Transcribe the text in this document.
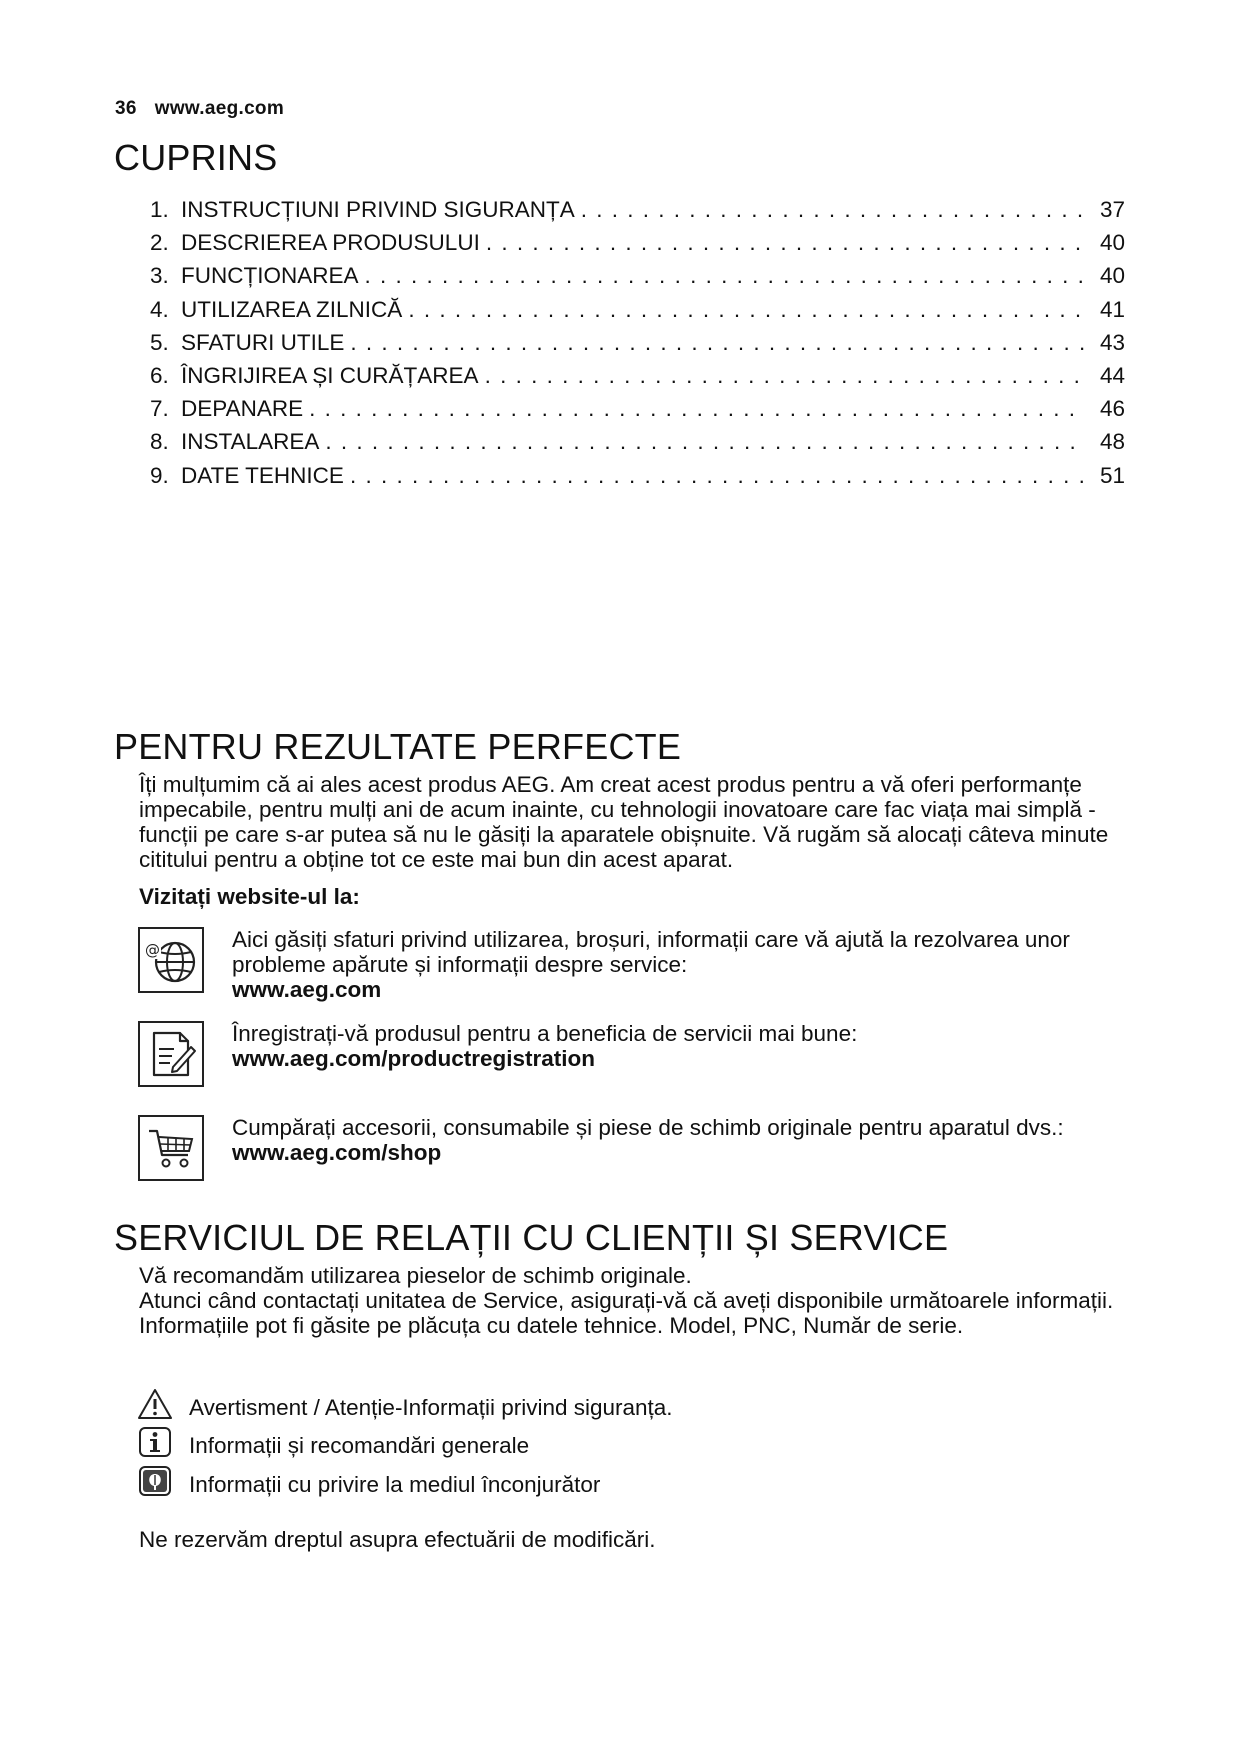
36 www.aeg.com
CUPRINS
1. INSTRUCȚIUNI PRIVIND SIGURANȚA . . .	37
2. DESCRIEREA PRODUSULUI . . .	40
3. FUNCȚIONAREA . . .	40
4. UTILIZAREA ZILNICĂ . . .	41
5. SFATURI UTILE . . .	43
6. ÎNGRIJIREA ȘI CURĂȚAREA . . .	44
7. DEPANARE . . .	46
8. INSTALAREA . . .	48
9. DATE TEHNICE . . .	51
PENTRU REZULTATE PERFECTE

Îți mulțumim că ai ales acest produs AEG. Am creat acest produs pentru a vă oferi performanțe impecabile, pentru mulți ani de acum inainte, cu tehnologii inovatoare care fac viața mai simplă - funcții pe care s-ar putea să nu le găsiți la aparatele obișnuite. Vă rugăm să alocați câteva minute cititului pentru a obține tot ce este mai bun din acest aparat.

Vizitați website-ul la:

@	Aici găsiți sfaturi privind utilizarea, broșuri, informații care vă ajută la rezolvarea unor probleme apărute și informații despre service:
www.aeg.com
Înregistrați-vă produsul pentru a beneficia de servicii mai bune:
www.aeg.com/productregistration
Cumpărați accesorii, consumabile și piese de schimb originale pentru aparatul dvs.:
www.aeg.com/shop
SERVICIUL DE RELAȚII CU CLIENȚII ȘI SERVICE

Vă recomandăm utilizarea pieselor de schimb originale.
Atunci când contactați unitatea de Service, asigurați-vă că aveți disponibile următoarele informații.
Informațiile pot fi găsite pe plăcuța cu datele tehnice. Model, PNC, Număr de serie.

Avertisment / Atenție-Informații privind siguranța.
Informații și recomandări generale
Informații cu privire la mediul înconjurător

Ne rezervăm dreptul asupra efectuării de modificări.
